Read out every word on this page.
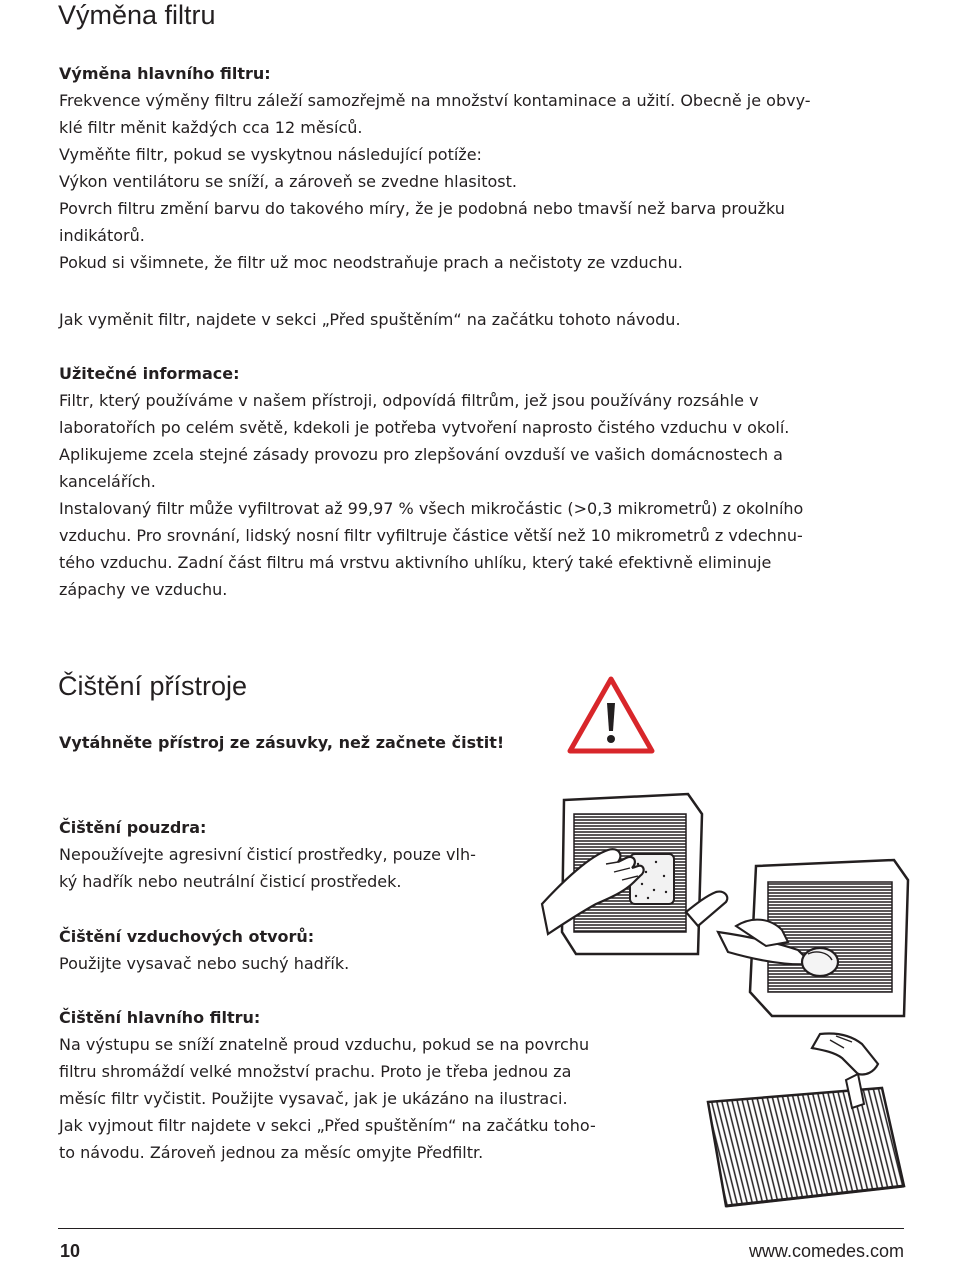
Výměna filtru

Výměna hlavního filtru:

Frekvence výměny filtru záleží samozřejmě na množství kontaminace a užití. Obecně je obvy-

klé filtr měnit každých cca 12 měsíců.

Vyměňte filtr, pokud se vyskytnou následující potíže:

Výkon ventilátoru se sníží, a zároveň se zvedne hlasitost.

Povrch filtru změní barvu do takového míry, že je podobná nebo tmavší než barva proužku

indikátorů.

Pokud si všimnete, že filtr už moc neodstraňuje prach a nečistoty ze vzduchu.

Jak vyměnit filtr, najdete v sekci „Před spuštěním“ na začátku tohoto návodu.

Užitečné informace:

Filtr, který používáme v našem přístroji, odpovídá filtrům, jež jsou používány rozsáhle v

laboratořích po celém světě, kdekoli je potřeba vytvoření naprosto čistého vzduchu v okolí.

Aplikujeme zcela stejné zásady provozu pro zlepšování ovzduší ve vašich domácnostech a

kancelářích.

Instalovaný filtr může vyfiltrovat až 99,97 % všech mikročástic (>0,3 mikrometrů) z okolního

vzduchu. Pro srovnání, lidský nosní filtr vyfiltruje částice větší než 10 mikrometrů z vdechnu-

tého vzduchu. Zadní část filtru má vrstvu aktivního uhlíku, který také efektivně eliminuje

zápachy ve vzduchu.

Čištění přístroje

Vytáhněte přístroj ze zásuvky, než začnete čistit!

Čištění pouzdra:

Nepoužívejte agresivní čisticí prostředky, pouze vlh-

ký hadřík nebo neutrální čisticí prostředek.

Čištění vzduchových otvorů:

Použijte vysavač nebo suchý hadřík.

Čištění hlavního filtru:

Na výstupu se sníží znatelně proud vzduchu, pokud se na povrchu

filtru shromáždí velké množství prachu. Proto je třeba jednou za

měsíc filtr vyčistit. Použijte vysavač, jak je ukázáno na ilustraci.

Jak vyjmout filtr najdete v sekci „Před spuštěním“ na začátku toho-

to návodu. Zároveň jednou za měsíc omyjte Předfiltr.

10	www.comedes.com
